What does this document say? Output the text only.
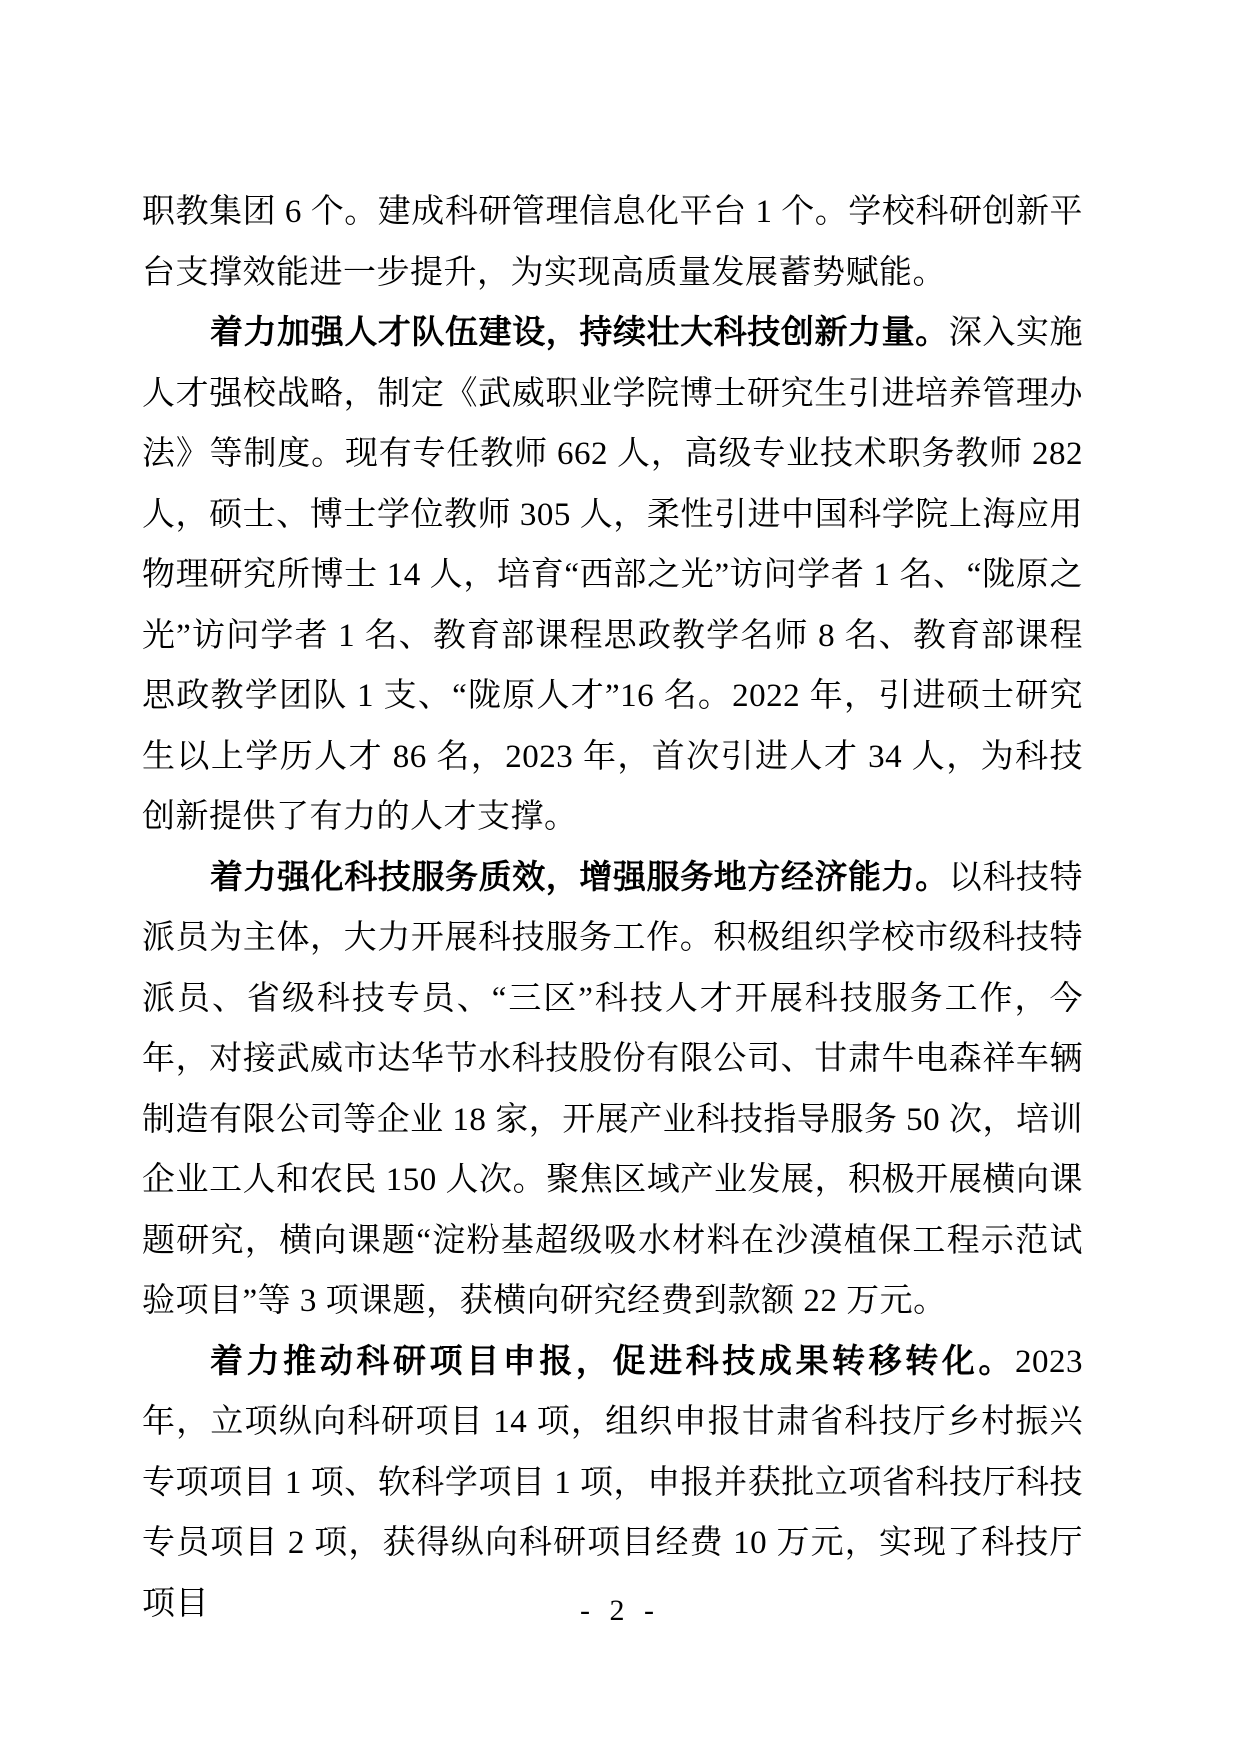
职教集团 6 个。建成科研管理信息化平台 1 个。学校科研创新平台支撑效能进一步提升，为实现高质量发展蓄势赋能。

着力加强人才队伍建设，持续壮大科技创新力量。深入实施人才强校战略，制定《武威职业学院博士研究生引进培养管理办法》等制度。现有专任教师 662 人，高级专业技术职务教师 282 人，硕士、博士学位教师 305 人，柔性引进中国科学院上海应用物理研究所博士 14 人，培育“西部之光”访问学者 1 名、“陇原之光”访问学者 1 名、教育部课程思政教学名师 8 名、教育部课程思政教学团队 1 支、“陇原人才”16 名。2022 年，引进硕士研究生以上学历人才 86 名，2023 年，首次引进人才 34 人，为科技创新提供了有力的人才支撑。

着力强化科技服务质效，增强服务地方经济能力。以科技特派员为主体，大力开展科技服务工作。积极组织学校市级科技特派员、省级科技专员、“三区”科技人才开展科技服务工作，今年，对接武威市达华节水科技股份有限公司、甘肃牛电森祥车辆制造有限公司等企业 18 家，开展产业科技指导服务 50 次，培训企业工人和农民 150 人次。聚焦区域产业发展，积极开展横向课题研究，横向课题“淀粉基超级吸水材料在沙漠植保工程示范试验项目”等 3 项课题，获横向研究经费到款额 22 万元。

着力推动科研项目申报，促进科技成果转移转化。2023 年，立项纵向科研项目 14 项，组织申报甘肃省科技厅乡村振兴专项项目 1 项、软科学项目 1 项，申报并获批立项省科技厅科技专员项目 2 项，获得纵向科研项目经费 10 万元，实现了科技厅项目	- 2 -
